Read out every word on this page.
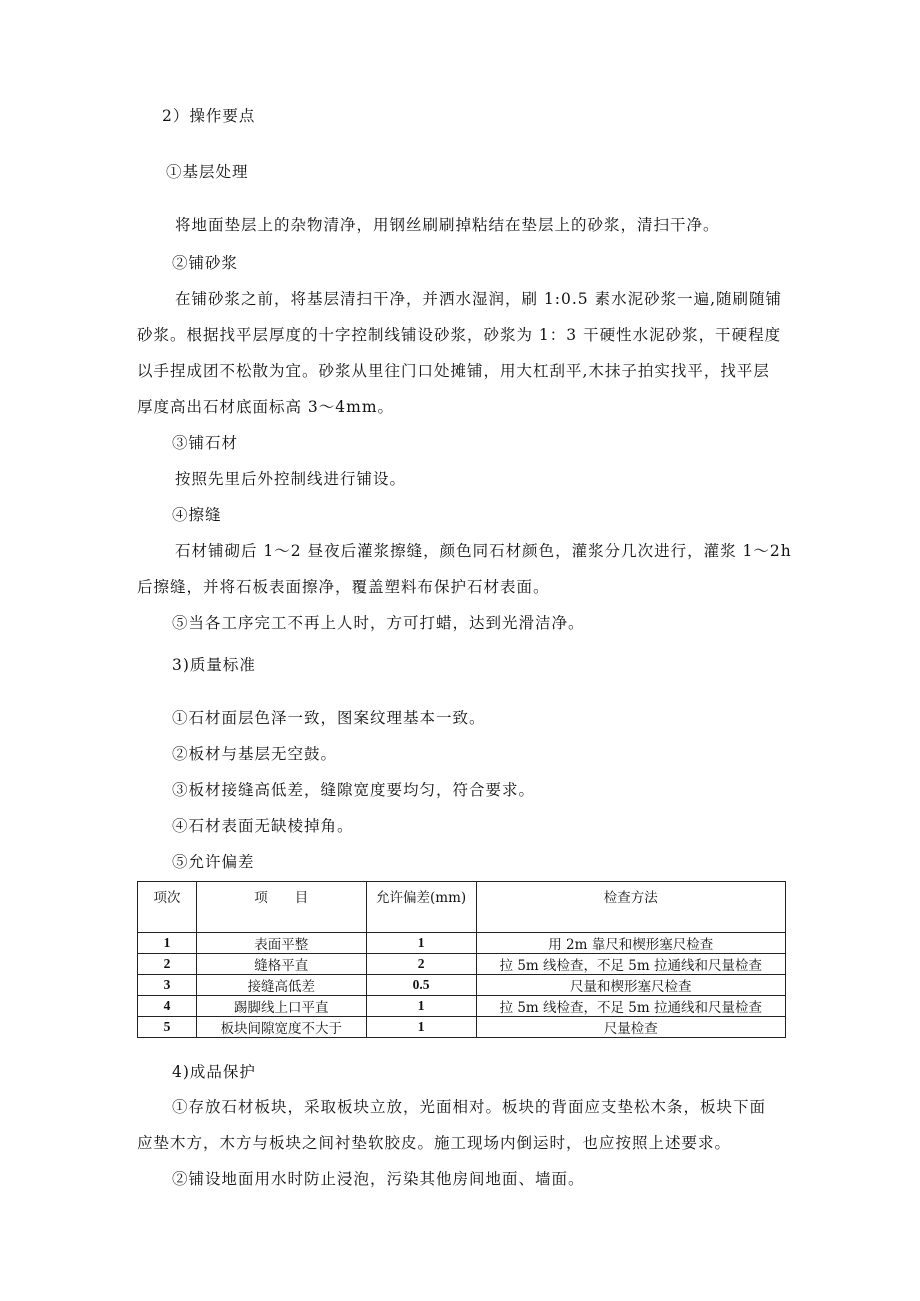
2）操作要点
①基层处理
将地面垫层上的杂物清净，用钢丝刷刷掉粘结在垫层上的砂浆，清扫干净。
②铺砂浆
在铺砂浆之前，将基层清扫干净，并洒水湿润，刷 1:0.5 素水泥砂浆一遍,随刷随铺
砂浆。根据找平层厚度的十字控制线铺设砂浆，砂浆为 1：3 干硬性水泥砂浆，干硬程度
以手捏成团不松散为宜。砂浆从里往门口处摊铺，用大杠刮平,木抹子拍实找平，找平层
厚度高出石材底面标高 3～4mm。
③铺石材
按照先里后外控制线进行铺设。
④擦缝
石材铺砌后 1～2 昼夜后灌浆擦缝，颜色同石材颜色，灌浆分几次进行，灌浆 1～2h
后擦缝，并将石板表面擦净，覆盖塑料布保护石材表面。
⑤当各工序完工不再上人时，方可打蜡，达到光滑洁净。
3)质量标准
①石材面层色泽一致，图案纹理基本一致。
②板材与基层无空鼓。
③板材接缝高低差，缝隙宽度要均匀，符合要求。
④石材表面无缺棱掉角。
⑤允许偏差
项次	项　　目	允许偏差(mm)	检查方法
1	表面平整	1	用 2m 靠尺和楔形塞尺检查
2	缝格平直	2	拉 5m 线检查，不足 5m 拉通线和尺量检查
3	接缝高低差	0.5	尺量和楔形塞尺检查
4	踢脚线上口平直	1	拉 5m 线检查，不足 5m 拉通线和尺量检查
5	板块间隙宽度不大于	1	尺量检查
4)成品保护
①存放石材板块，采取板块立放，光面相对。板块的背面应支垫松木条，板块下面
应垫木方，木方与板块之间衬垫软胶皮。施工现场内倒运时，也应按照上述要求。
②铺设地面用水时防止浸泡，污染其他房间地面、墙面。
